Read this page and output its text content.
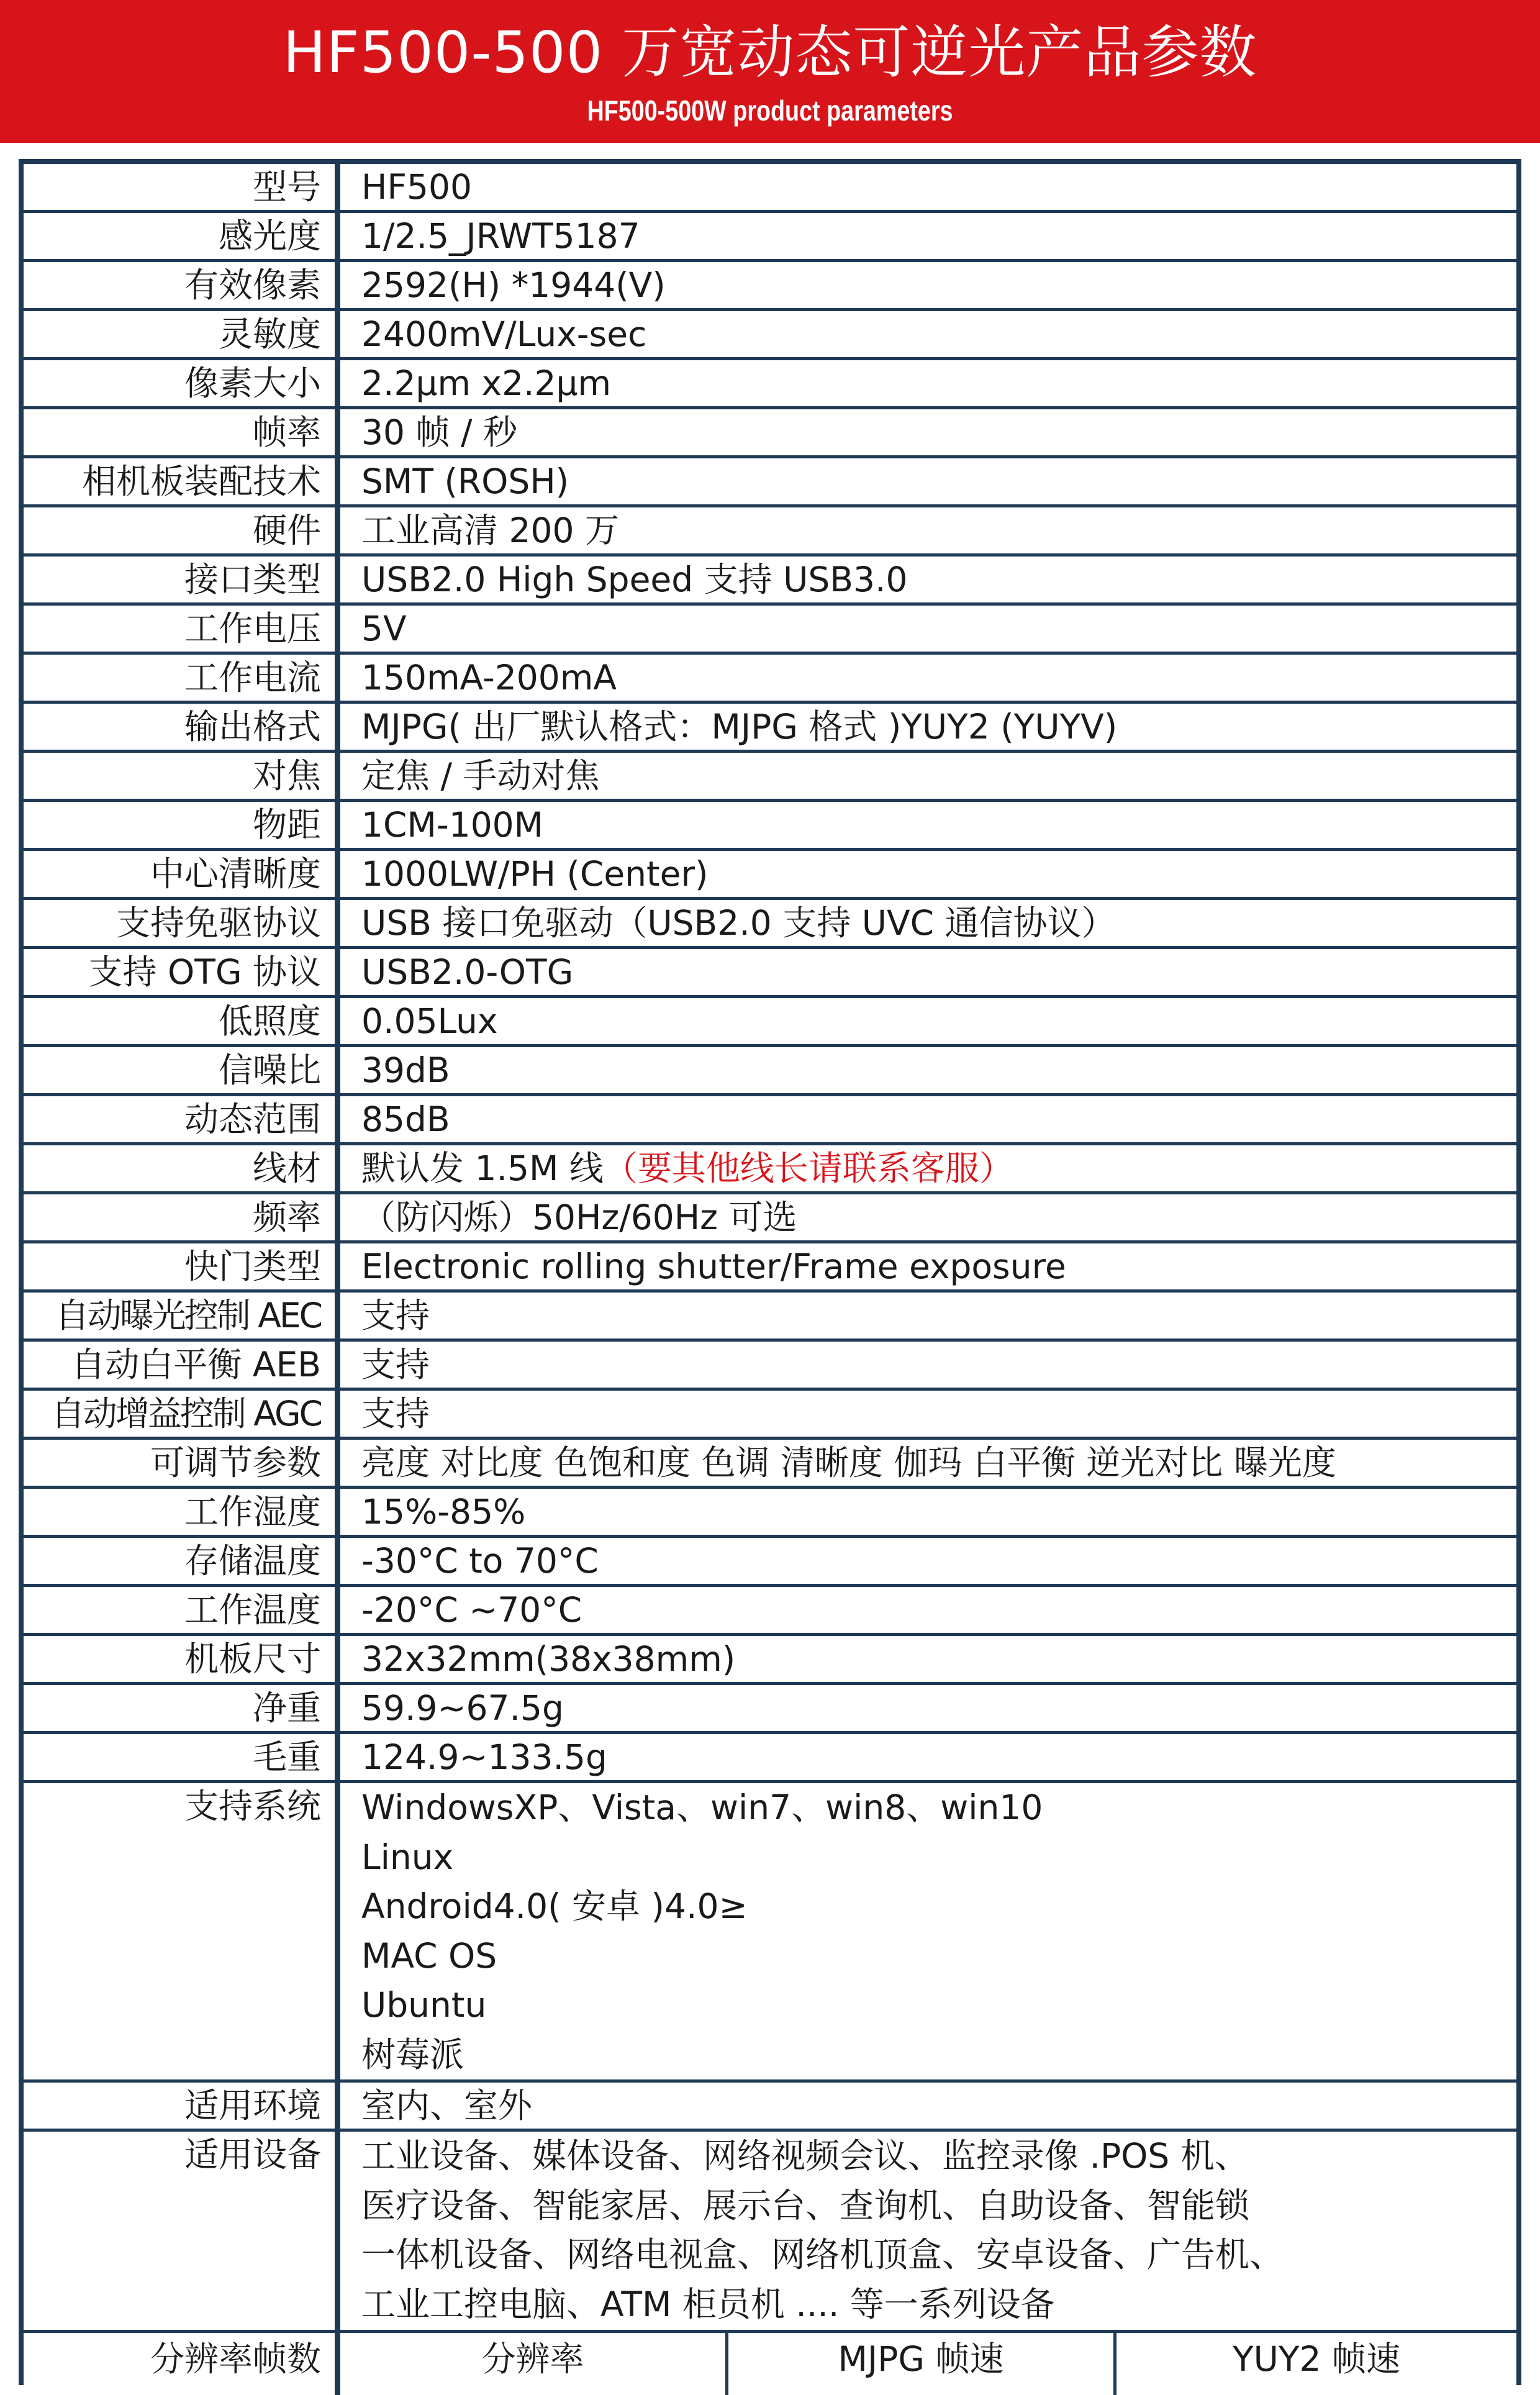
HF500-500 万宽动态可逆光产品参数
HF500-500W product parameters
型号	HF500
感光度	1/2.5_JRWT5187
有效像素	2592(H) *1944(V)
灵敏度	2400mV/Lux-sec
像素大小	2.2µm x2.2µm
帧率	30 帧 / 秒
相机板装配技术	SMT (ROSH)
硬件	工业高清 200 万
接口类型	USB2.0 High Speed 支持 USB3.0
工作电压	5V
工作电流	150mA-200mA
输出格式	MJPG( 出厂默认格式：MJPG 格式 )YUY2 (YUYV)
对焦	定焦 / 手动对焦
物距	1CM-100M
中心清晰度	1000LW/PH (Center)
支持免驱协议	USB 接口免驱动（USB2.0 支持 UVC 通信协议）
支持 OTG 协议	USB2.0-OTG
低照度	0.05Lux
信噪比	39dB
动态范围	85dB
线材	默认发 1.5M 线（要其他线长请联系客服）
频率	（防闪烁）50Hz/60Hz 可选
快门类型	Electronic rolling shutter/Frame exposure
自动曝光控制 AEC	支持
自动白平衡 AEB	支持
自动增益控制 AGC	支持
可调节参数	亮度 对比度 色饱和度 色调 清晰度 伽玛 白平衡 逆光对比 曝光度
工作湿度	15%-85%
存储温度	-30°C to 70°C
工作温度	-20°C ~70°C
机板尺寸	32x32mm(38x38mm)
净重	59.9~67.5g
毛重	124.9~133.5g
支持系统	WindowsXP、Vista、win7、win8、win10
Linux
Android4.0( 安卓 )4.0≥
MAC OS
Ubuntu
树莓派
适用环境	室内、室外
适用设备	工业设备、媒体设备、网络视频会议、监控录像 .POS 机、
医疗设备、智能家居、展示台、查询机、自助设备、智能锁
一体机设备、网络电视盒、网络机顶盒、安卓设备、广告机、
工业工控电脑、ATM 柜员机 .... 等一系列设备
分辨率帧数	分辨率	MJPG 帧速	YUY2 帧速
